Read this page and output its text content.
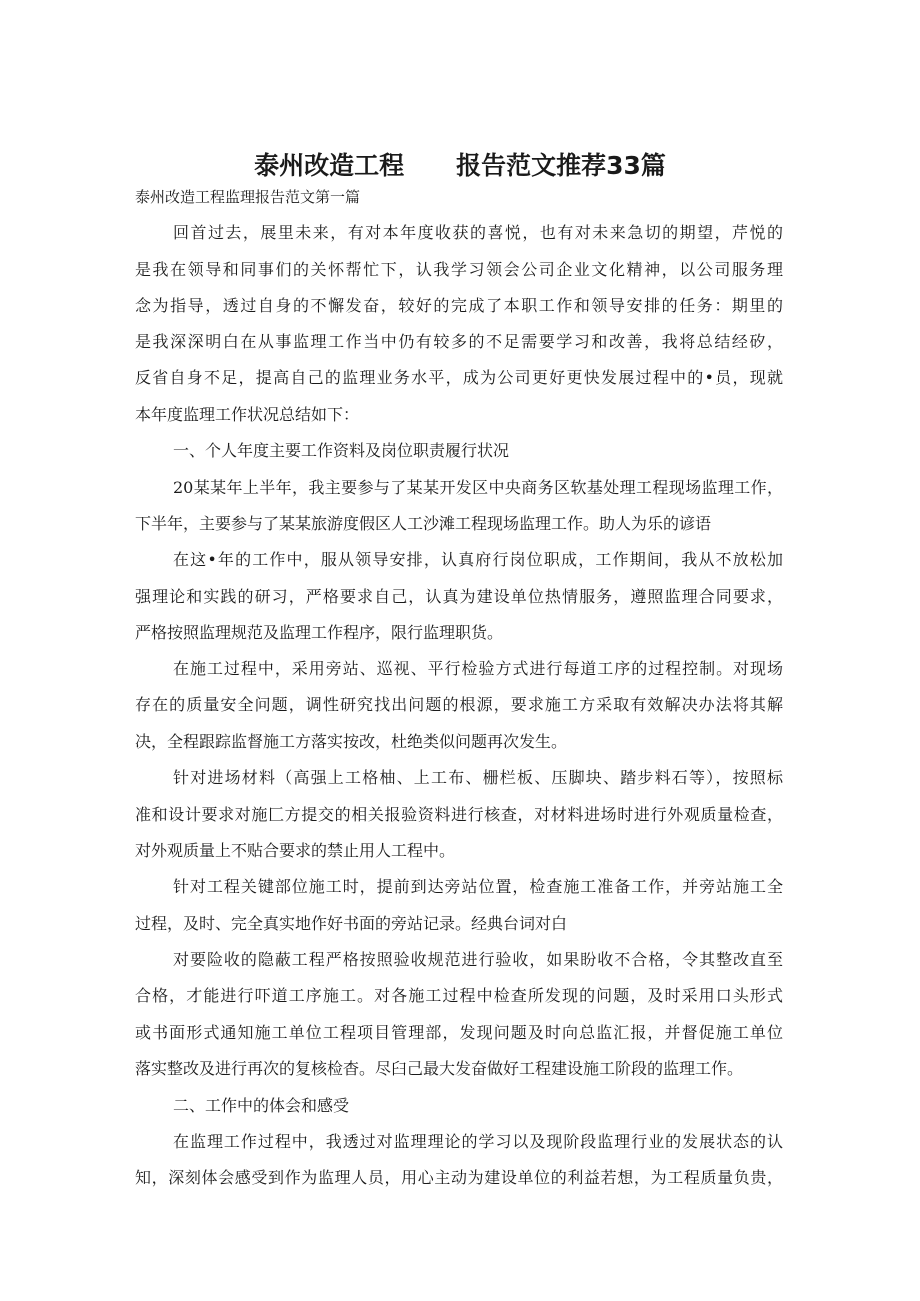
泰州改造工程 报告范文推荐33篇
泰州改造工程监理报告范文第一篇
回首过去，展里未来，有对本年度收获的喜悦，也有对未来急切的期望，芹悦的
是我在领导和同事们的关怀帮忙下，认我学习领会公司企业文化精神，以公司服务理
念为指导，透过自身的不懈发奋，较好的完成了本职工作和领导安排的任务：期里的
是我深深明白在从事监理工作当中仍有较多的不足需要学习和改善，我将总结经矽，
反省自身不足，提高自己的监理业务水平，成为公司更好更快发展过程中的•员，现就
本年度监理工作状况总结如下：
一、个人年度主要工作资料及岗位职责履行状况
20某某年上半年，我主要参与了某某开发区中央商务区软基处理工程现场监理工作，
下半年，主要参与了某某旅游度假区人工沙滩工程现场监理工作。助人为乐的谚语
在这•年的工作中，服从领导安排，认真府行岗位职成，工作期间，我从不放松加
强理论和实践的研习，严格要求自己，认真为建设单位热情服务，遵照监理合同要求，
严格按照监理规范及监理工作程序，限行监理职货。
在施工过程中，采用旁站、巡视、平行检验方式进行每道工序的过程控制。对现场
存在的质量安全问题，调性研究找出问题的根源，要求施工方采取有效解决办法将其解
决，全程跟踪监督施工方落实按改，杜绝类似问题再次发生。
针对进场材料（高强上工格柚、上工布、栅栏板、压脚块、踏步料石等），按照标
准和设计要求对施匚方提交的相关报验资料进行核查，对材料进场时进行外观质量检查，
对外观质量上不贴合要求的禁止用人工程中。
针对工程关键部位施工时，提前到达旁站位置，检查施工准备工作，并旁站施工全
过程，及时、完全真实地作好书面的旁站记录。经典台词对白
对要险收的隐蔽工程严格按照验收规范进行验收，如果盼收不合格，令其整改直至
合格，才能进行吓道工序施工。对各施工过程中检查所发现的问题，及时采用口头形式
或书面形式通知施工单位工程项目管理部，发现问题及时向总监汇报，并督促施工单位
落实整改及进行再次的复核检杳。尽臼己最大发奋做好工程建设施工阶段的监理工作。
二、工作中的体会和感受
在监理工作过程中，我透过对监理理论的学习以及现阶段监理行业的发展状态的认
知，深刻体会感受到作为监理人员，用心主动为建设单位的利益若想，为工程质量负贵，
